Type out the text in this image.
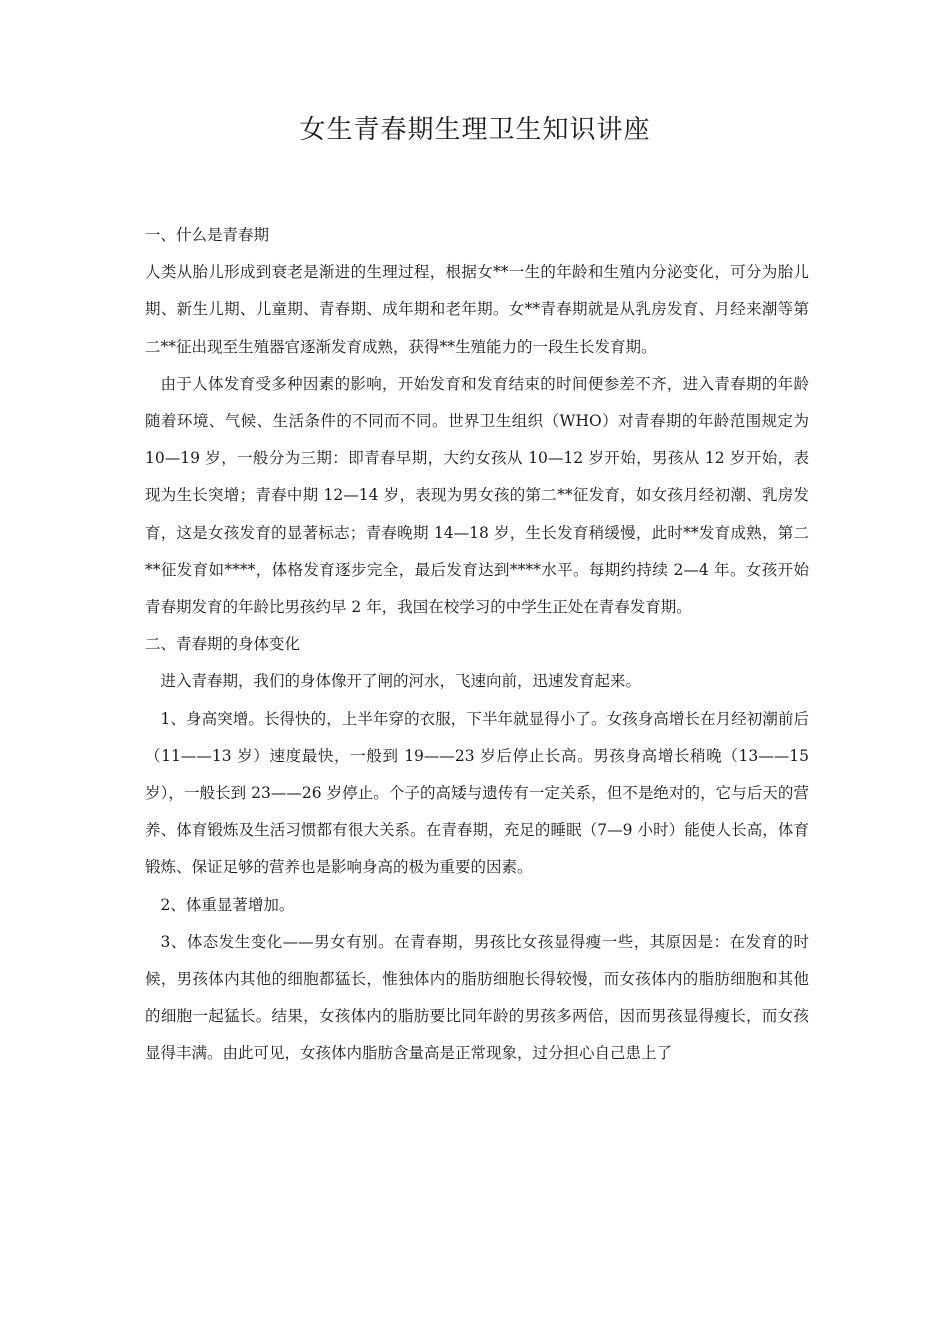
女生青春期生理卫生知识讲座

一、什么是青春期

人类从胎儿形成到衰老是渐进的生理过程，根据女**一生的年龄和生殖内分泌变化，可分为胎儿期、新生儿期、儿童期、青春期、成年期和老年期。女**青春期就是从乳房发育、月经来潮等第二**征出现至生殖器官逐渐发育成熟，获得**生殖能力的一段生长发育期。

由于人体发育受多种因素的影响，开始发育和发育结束的时间便参差不齐，进入青春期的年龄随着环境、气候、生活条件的不同而不同。世界卫生组织（WHO）对青春期的年龄范围规定为 10—19 岁，一般分为三期：即青春早期，大约女孩从 10—12 岁开始，男孩从 12 岁开始，表现为生长突增；青春中期 12—14 岁，表现为男女孩的第二**征发育，如女孩月经初潮、乳房发育，这是女孩发育的显著标志；青春晚期 14—18 岁，生长发育稍缓慢，此时**发育成熟，第二**征发育如****，体格发育逐步完全，最后发育达到****水平。每期约持续 2—4 年。女孩开始青春期发育的年龄比男孩约早 2 年，我国在校学习的中学生正处在青春发育期。

二、青春期的身体变化

进入青春期，我们的身体像开了闸的河水，飞速向前，迅速发育起来。

1、身高突增。长得快的，上半年穿的衣服，下半年就显得小了。女孩身高增长在月经初潮前后（11——13 岁）速度最快，一般到 19——23 岁后停止长高。男孩身高增长稍晚（13——15 岁），一般长到 23——26 岁停止。个子的高矮与遗传有一定关系，但不是绝对的，它与后天的营养、体育锻炼及生活习惯都有很大关系。在青春期，充足的睡眠（7—9 小时）能使人长高，体育锻炼、保证足够的营养也是影响身高的极为重要的因素。

2、体重显著增加。

3、体态发生变化——男女有别。在青春期，男孩比女孩显得瘦一些，其原因是：在发育的时候，男孩体内其他的细胞都猛长，惟独体内的脂肪细胞长得较慢，而女孩体内的脂肪细胞和其他的细胞一起猛长。结果，女孩体内的脂肪要比同年龄的男孩多两倍，因而男孩显得瘦长，而女孩显得丰满。由此可见，女孩体内脂肪含量高是正常现象，过分担心自己患上了
